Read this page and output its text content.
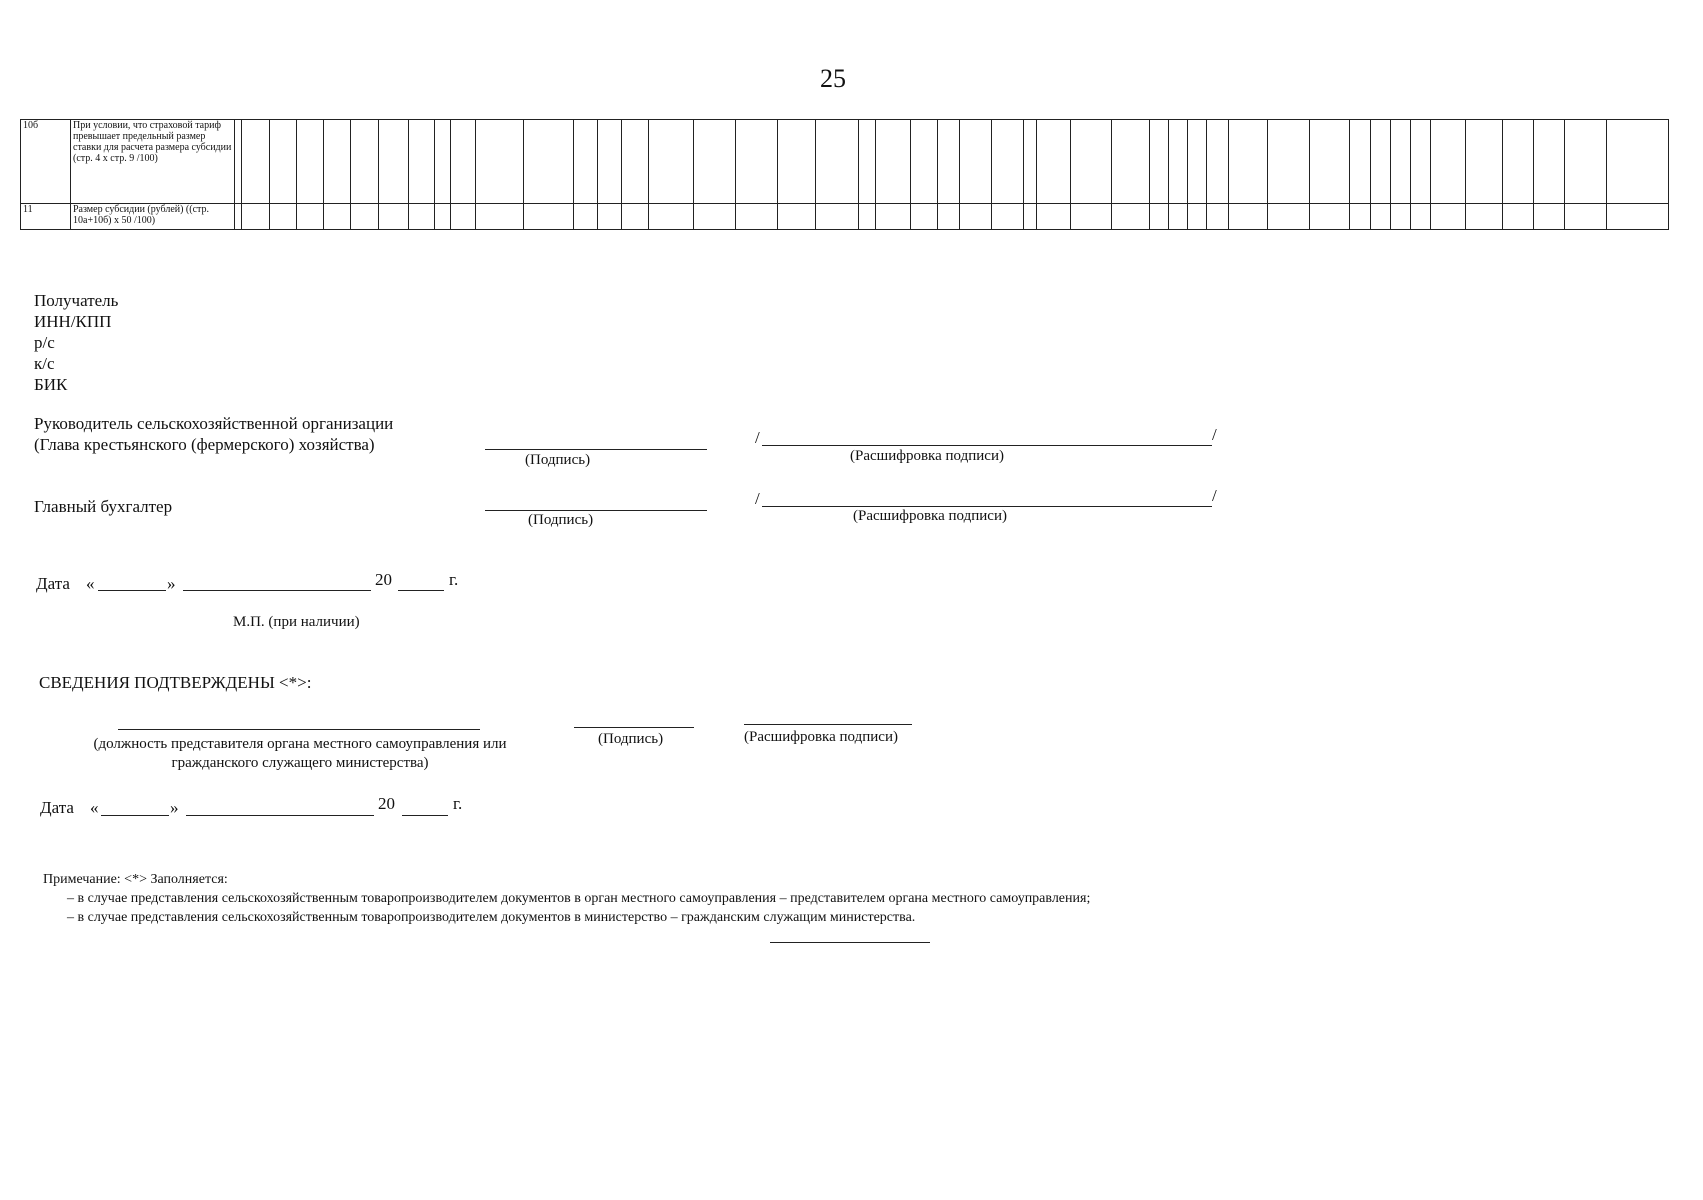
25
10б	При условии, что страховой тариф превышает предельный размер ставки для расчета размера субсидии (стр. 4 x стр. 9 /100)																																															
11	Размер субсидии (рублей) ((стр. 10а+10б) x 50 /100)																																															
Получатель
ИНН/КПП
р/с
к/с
БИК
Руководитель сельскохозяйственной организации
(Глава крестьянского (фермерского) хозяйства)
(Подпись)
/	/
(Расшифровка подписи)
Главный бухгалтер
(Подпись)
/	/
(Расшифровка подписи)
Дата «	»	20	г.
М.П. (при наличии)
СВЕДЕНИЯ ПОДТВЕРЖДЕНЫ <*>:
(должность представителя органа местного самоуправления или
гражданского служащего министерства)
(Подпись)	(Расшифровка подписи)
Дата «	»	20	г.
Примечание: <*> Заполняется:
– в случае представления сельскохозяйственным товаропроизводителем документов в орган местного самоуправления – представителем органа местного самоуправления;
– в случае представления сельскохозяйственным товаропроизводителем документов в министерство – гражданским служащим министерства.
